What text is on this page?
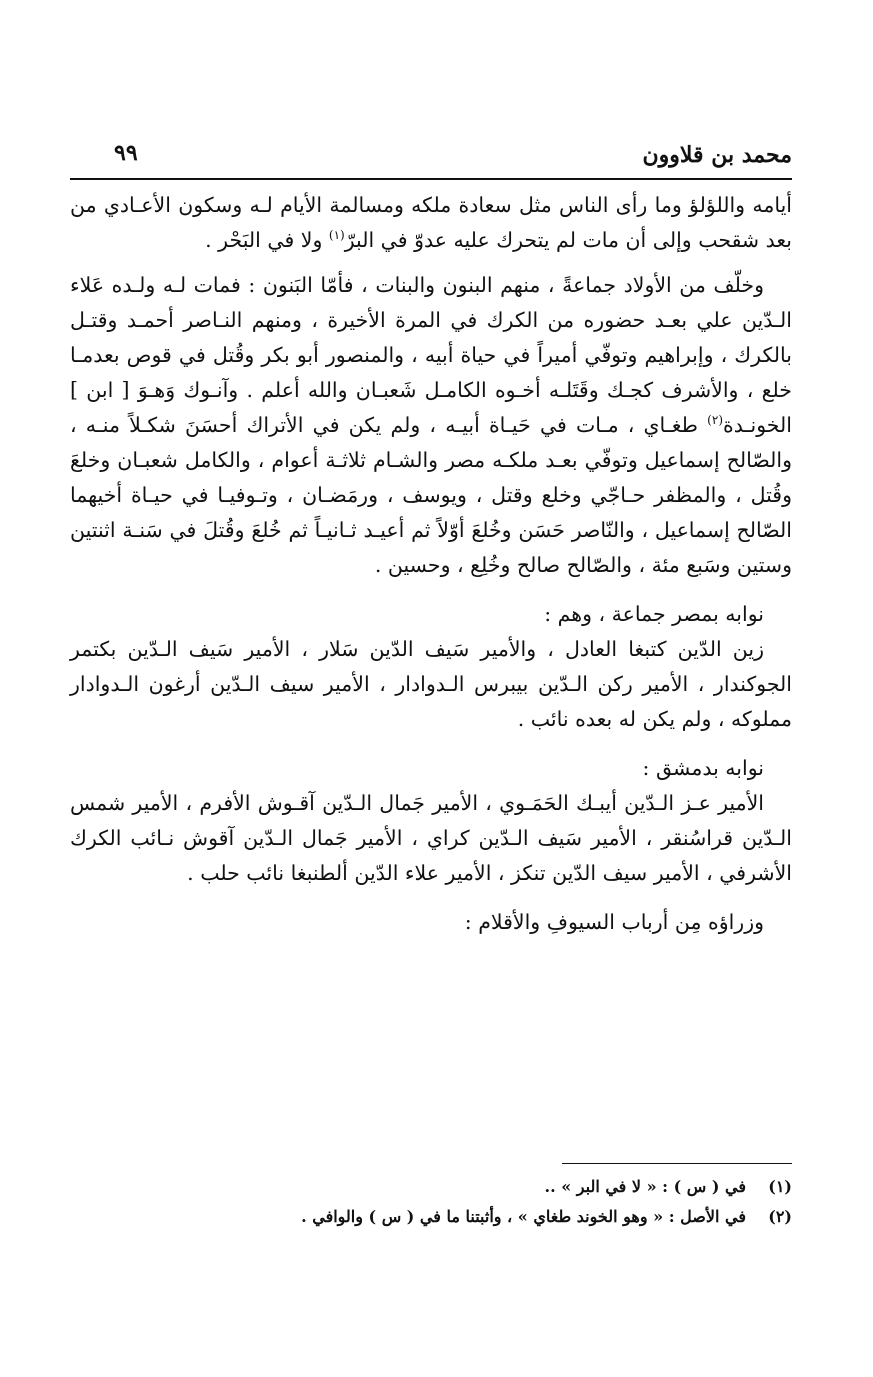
محمد بن قلاوون
٩٩

أيامه واللؤلؤ وما رأى الناس مثل سعادة ملكه ومسالمة الأيام لـه وسكون الأعـادي من بعد شقحب وإلى أن مات لم يتحرك عليه عدوّ في البرّ$^{(١)}$ ولا في البَحْر .

وخلّف من الأولاد جماعةً ، منهم البنون والبنات ، فأمّا البَنون : فمات لـه ولـده عَلاء الـدّين علي بعـد حضوره من الكرك في المرة الأخيرة ، ومنهم النـاصر أحمـد وقتـل بالكرك ، وإبراهيم وتوفّي أميراً في حياة أبيه ، والمنصور أبو بكر وقُتل في قوص بعدمـا خلع ، والأشرف كجـك وقَتَلـه أخـوه الكامـل شَعبـان والله أعلم . وآنـوك وَهـوَ [ ابن ] الخونـدة$^{(٢)}$ طغـاي ، مـات في حَيـاة أبيـه ، ولم يكن في الأتراك أحسَنَ شكـلاً منـه ، والصّالح إسماعيل وتوفّي بعـد ملكـه مصر والشـام ثلاثـة أعوام ، والكامل شعبـان وخلعَ وقُتل ، والمظفر حـاجّي وخلع وقتل ، ويوسف ، ورمَضـان ، وتـوفيـا في حيـاة أخيهما الصّالح إسماعيل ، والنّاصر حَسَن وخُلعَ أوّلاً ثم أعيـد ثـانيـاً ثم خُلعَ وقُتلَ في سَنـة اثنتين وستين وسَبع مئة ، والصّالح صالح وخُلِع ، وحسين .

نوابه بمصر جماعة ، وهم :

زين الدّين كتبغا العادل ، والأمير سَيف الدّين سَلار ، الأمير سَيف الـدّين بكتمر الجوكندار ، الأمير ركن الـدّين بيبرس الـدوادار ، الأمير سيف الـدّين أرغون الـدوادار مملوكه ، ولم يكن له بعده نائب .

نوابه بدمشق :

الأمير عـز الـدّين أيبـك الحَمَـوي ، الأمير جَمال الـدّين آقـوش الأفرم ، الأمير شمس الـدّين قراسُنقر ، الأمير سَيف الـدّين كراي ، الأمير جَمال الـدّين آقوش نـائب الكرك الأشرفي ، الأمير سيف الدّين تنكز ، الأمير علاء الدّين ألطنبغا نائب حلب .

وزراؤه مِن أرباب السيوفِ والأقلام :

(١)
في ( س ) : « لا في البر » ..
(٢)
في الأصل : « وهو الخوند طغاي » ، وأثبتنا ما في ( س ) والوافي .
